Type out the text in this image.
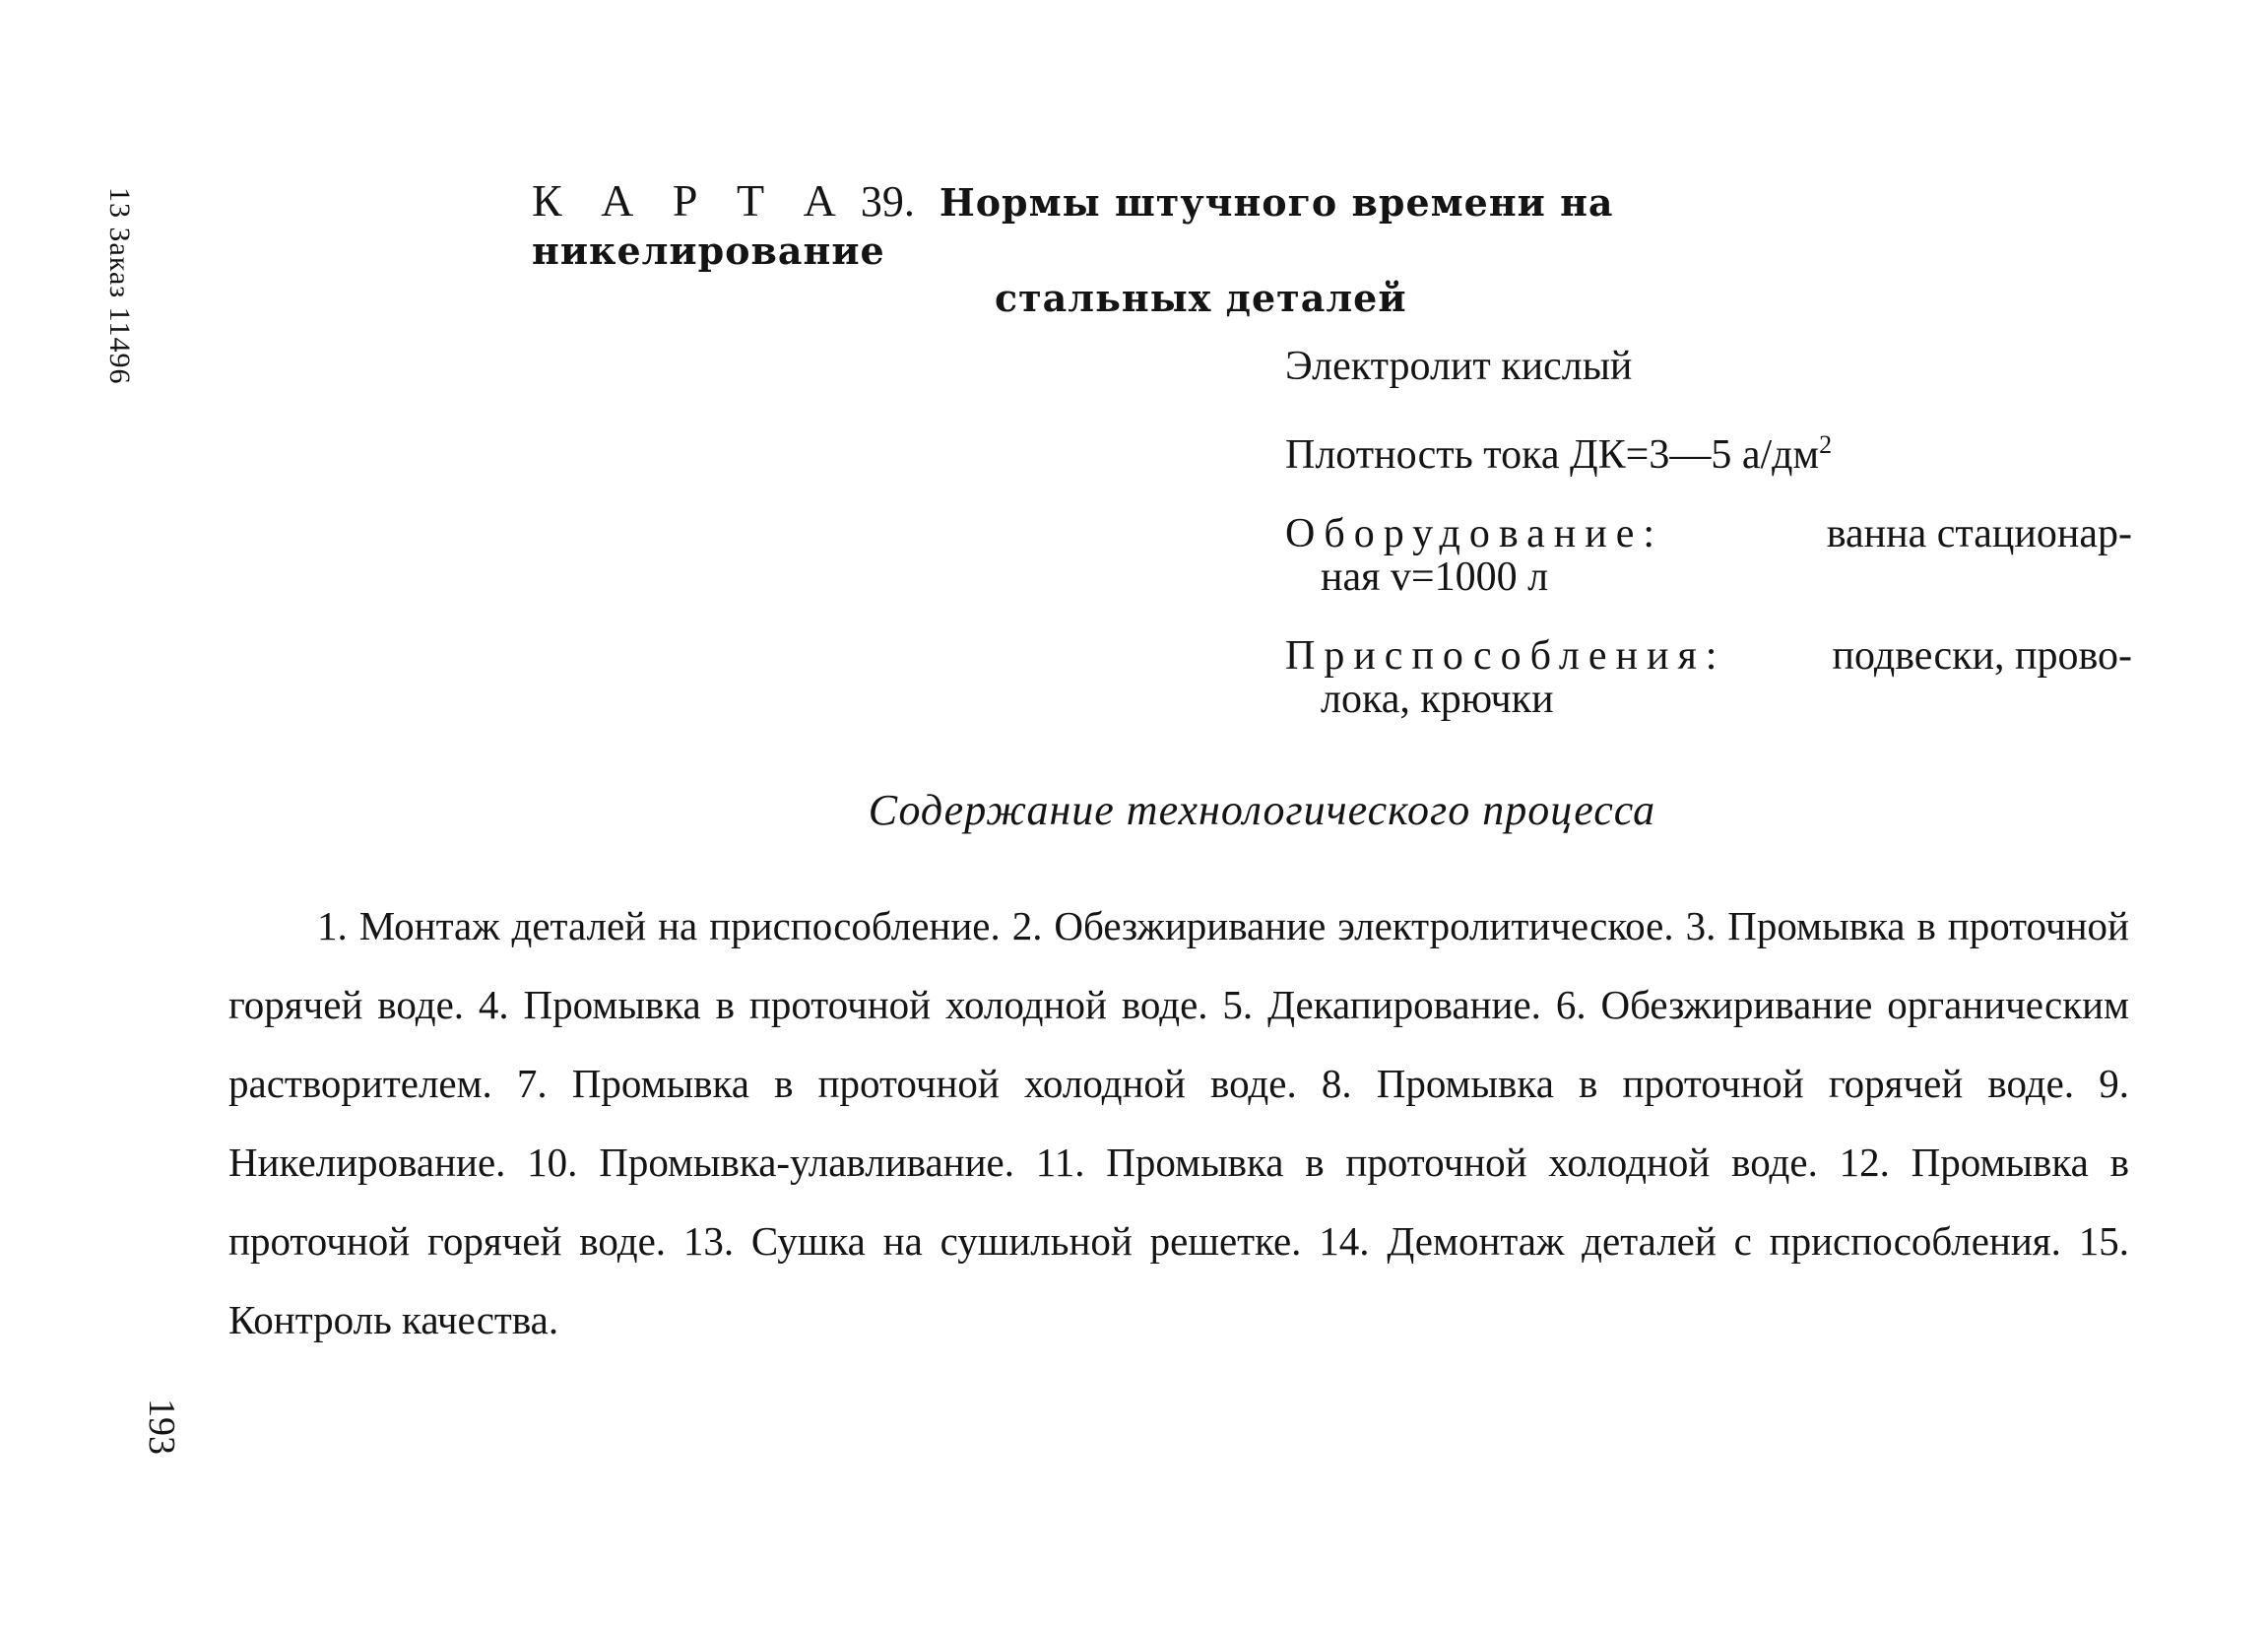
13 Заказ 11496
193
К А Р Т А 39. Нормы штучного времени на никелирование
стальных деталей
Электролит кислый
Плотность тока ДК=3—5 $а/дм^2$
Оборудование:	ванна стационар-
ная v=1000 л
Приспособления:	подвески, прово-
лока, крючки
Содержание технологического процесса
1. Монтаж деталей на приспособление. 2. Обезжиривание электролитическое. 3. Промывка в проточной горячей воде. 4. Промывка в проточной холодной воде. 5. Декапирование. 6. Обезжиривание органическим растворителем. 7. Промывка в проточной холодной воде. 8. Промывка в проточной горячей воде. 9. Никелирование. 10. Промывка-улавливание. 11. Промывка в проточной холодной воде. 12. Промывка в проточной горячей воде. 13. Сушка на сушильной решетке. 14. Демонтаж деталей с приспособления. 15. Контроль качества.
